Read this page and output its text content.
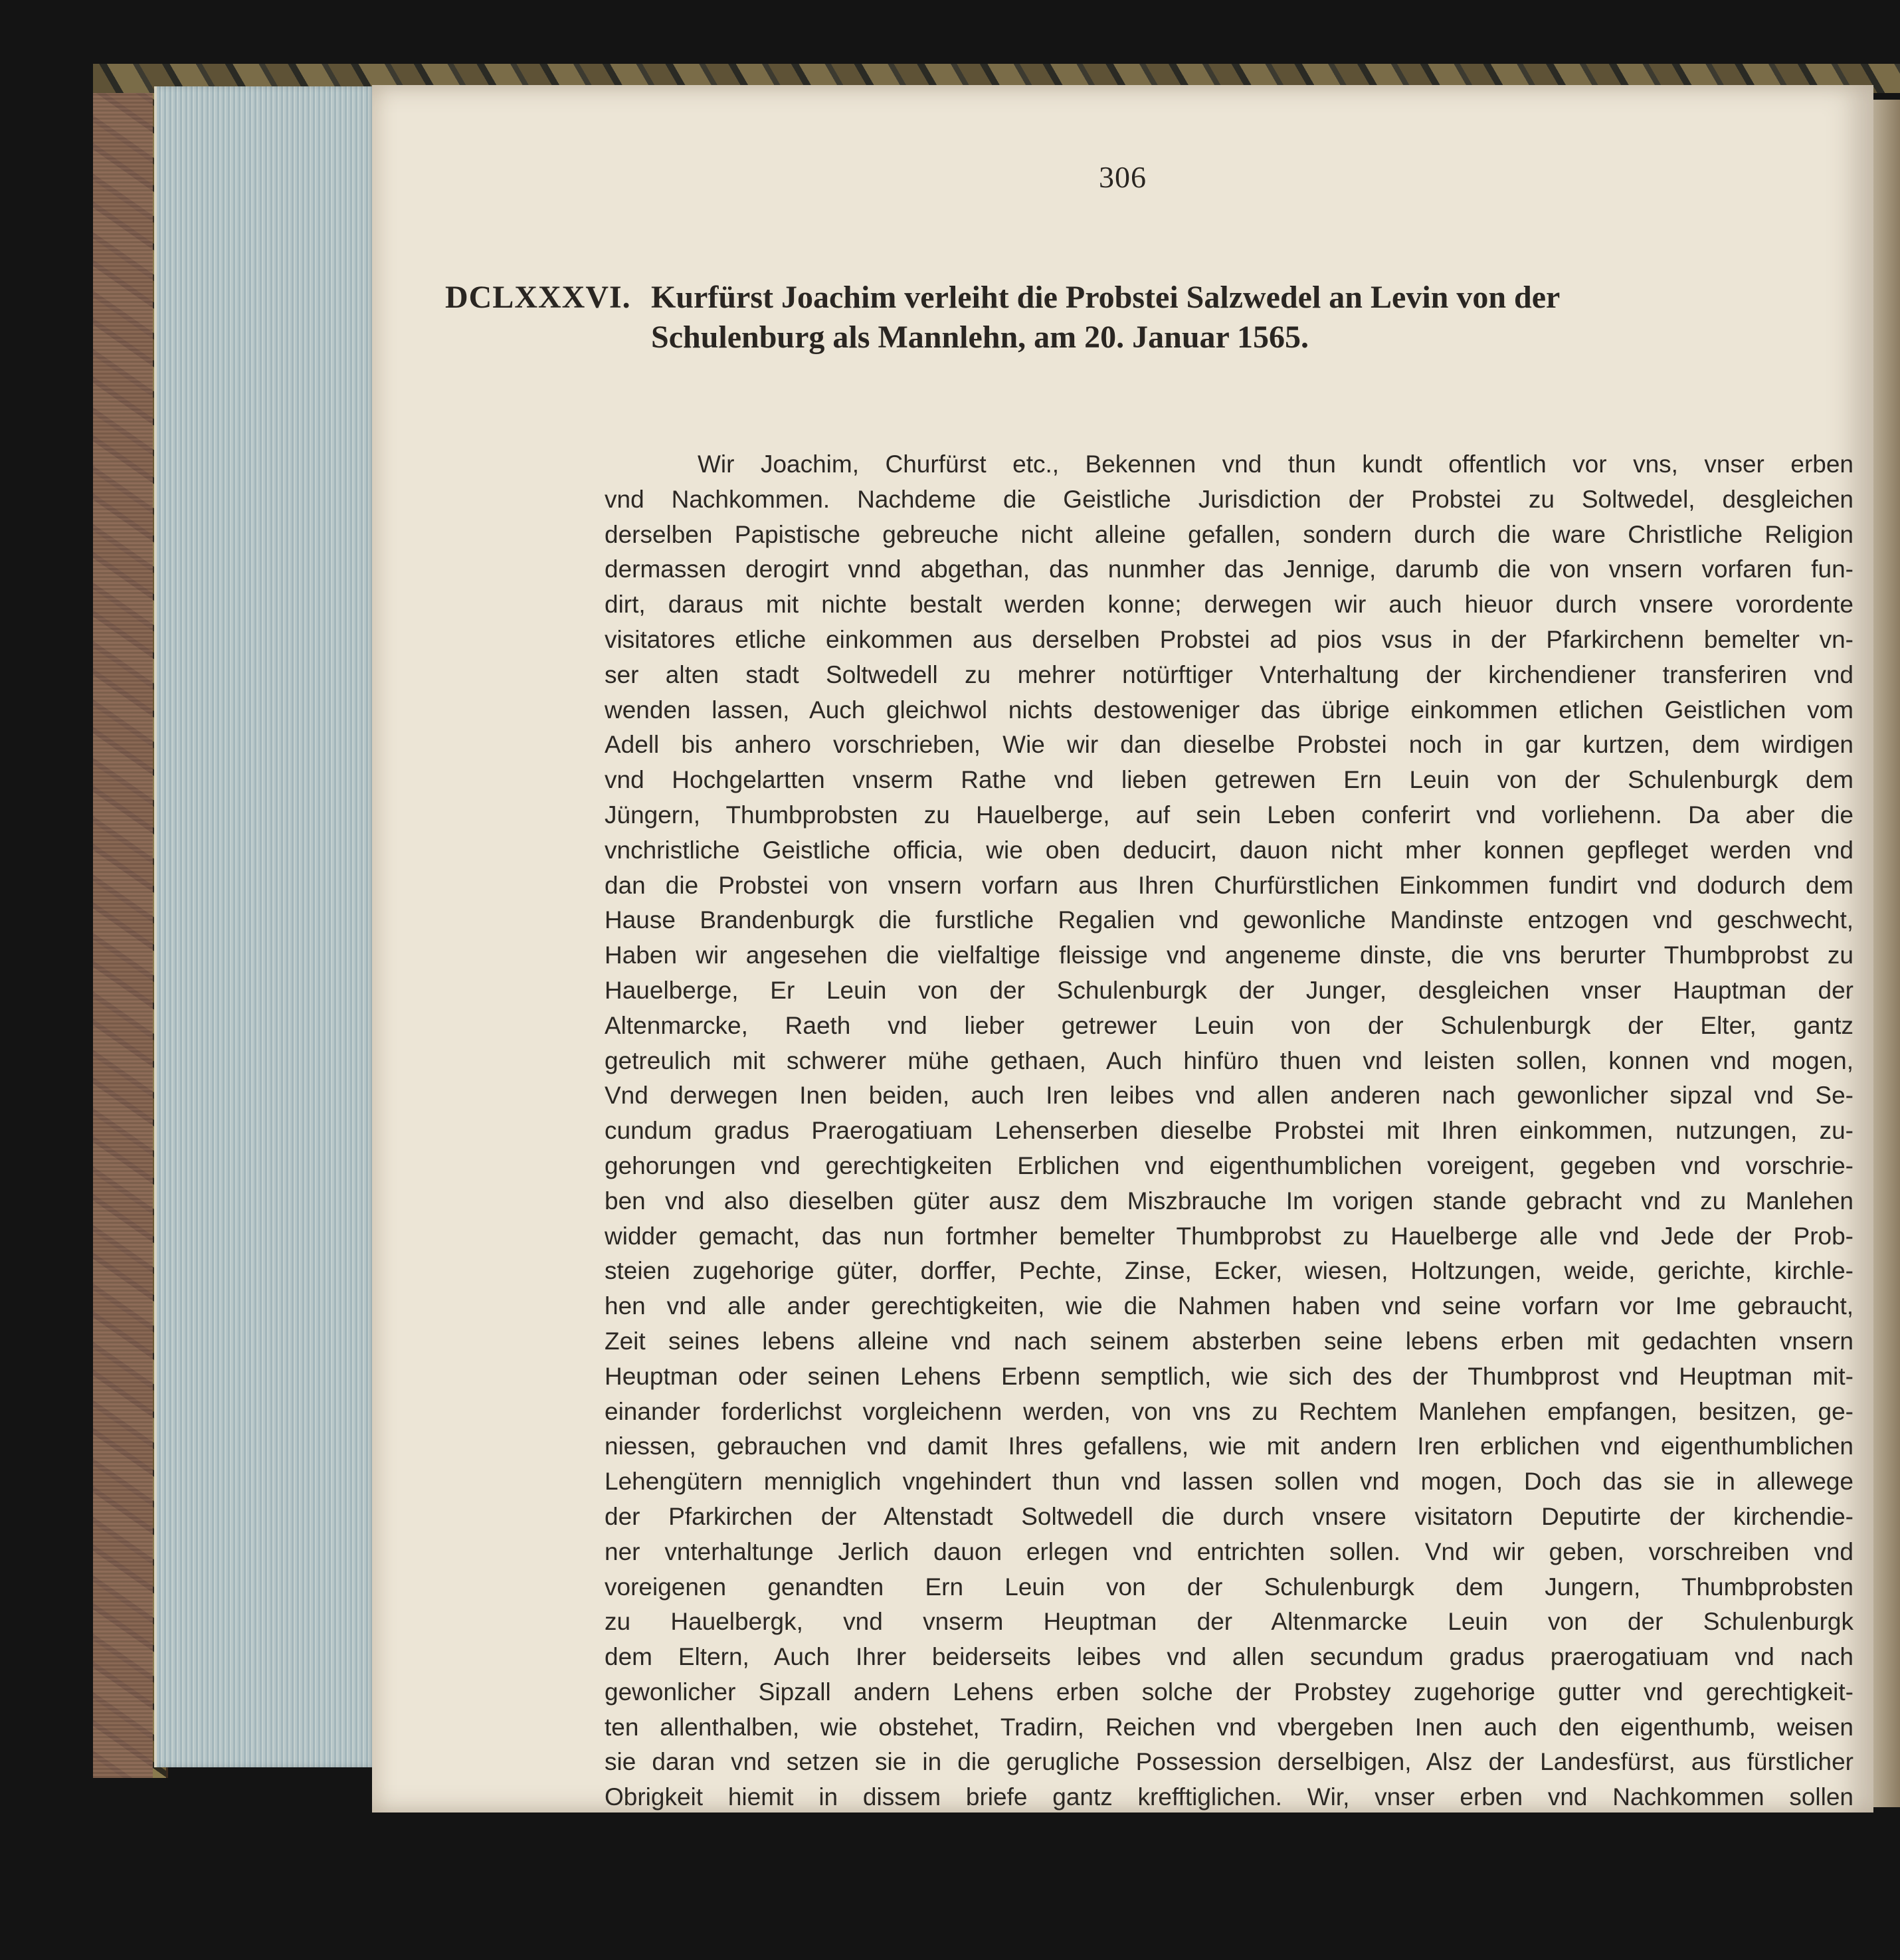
306
DCLXXXVI. Kurfürst Joachim verleiht die Probstei Salzwedel an Levin von der
Schulenburg als Mannlehn, am 20. Januar 1565.
Wir Joachim, Churfürst etc., Bekennen vnd thun kundt offentlich vor vns, vnser erben
vnd Nachkommen. Nachdeme die Geistliche Jurisdiction der Probstei zu Soltwedel, desgleichen
derselben Papistische gebreuche nicht alleine gefallen, sondern durch die ware Christliche Religion
dermassen derogirt vnnd abgethan, das nunmher das Jennige, darumb die von vnsern vorfaren fun-
dirt, daraus mit nichte bestalt werden konne; derwegen wir auch hieuor durch vnsere vorordente
visitatores etliche einkommen aus derselben Probstei ad pios vsus in der Pfarkirchenn bemelter vn-
ser alten stadt Soltwedell zu mehrer notürftiger Vnterhaltung der kirchendiener transferiren vnd
wenden lassen, Auch gleichwol nichts destoweniger das übrige einkommen etlichen Geistlichen vom
Adell bis anhero vorschrieben, Wie wir dan dieselbe Probstei noch in gar kurtzen, dem wirdigen
vnd Hochgelartten vnserm Rathe vnd lieben getrewen Ern Leuin von der Schulenburgk dem
Jüngern, Thumbprobsten zu Hauelberge, auf sein Leben conferirt vnd vorliehenn. Da aber die
vnchristliche Geistliche officia, wie oben deducirt, dauon nicht mher konnen gepfleget werden vnd
dan die Probstei von vnsern vorfarn aus Ihren Churfürstlichen Einkommen fundirt vnd dodurch dem
Hause Brandenburgk die furstliche Regalien vnd gewonliche Mandinste entzogen vnd geschwecht,
Haben wir angesehen die vielfaltige fleissige vnd angeneme dinste, die vns berurter Thumbprobst zu
Hauelberge, Er Leuin von der Schulenburgk der Junger, desgleichen vnser Hauptman der
Altenmarcke, Raeth vnd lieber getrewer Leuin von der Schulenburgk der Elter, gantz
getreulich mit schwerer mühe gethaen, Auch hinfüro thuen vnd leisten sollen, konnen vnd mogen,
Vnd derwegen Inen beiden, auch Iren leibes vnd allen anderen nach gewonlicher sipzal vnd Se-
cundum gradus Praerogatiuam Lehenserben dieselbe Probstei mit Ihren einkommen, nutzungen, zu-
gehorungen vnd gerechtigkeiten Erblichen vnd eigenthumblichen voreigent, gegeben vnd vorschrie-
ben vnd also dieselben güter ausz dem Miszbrauche Im vorigen stande gebracht vnd zu Manlehen
widder gemacht, das nun fortmher bemelter Thumbprobst zu Hauelberge alle vnd Jede der Prob-
steien zugehorige güter, dorffer, Pechte, Zinse, Ecker, wiesen, Holtzungen, weide, gerichte, kirchle-
hen vnd alle ander gerechtigkeiten, wie die Nahmen haben vnd seine vorfarn vor Ime gebraucht,
Zeit seines lebens alleine vnd nach seinem absterben seine lebens erben mit gedachten vnsern
Heuptman oder seinen Lehens Erbenn semptlich, wie sich des der Thumbprost vnd Heuptman mit-
einander forderlichst vorgleichenn werden, von vns zu Rechtem Manlehen empfangen, besitzen, ge-
niessen, gebrauchen vnd damit Ihres gefallens, wie mit andern Iren erblichen vnd eigenthumblichen
Lehengütern menniglich vngehindert thun vnd lassen sollen vnd mogen, Doch das sie in allewege
der Pfarkirchen der Altenstadt Soltwedell die durch vnsere visitatorn Deputirte der kirchendie-
ner vnterhaltunge Jerlich dauon erlegen vnd entrichten sollen. Vnd wir geben, vorschreiben vnd
voreigenen genandten Ern Leuin von der Schulenburgk dem Jungern, Thumbprobsten
zu Hauelbergk, vnd vnserm Heuptman der Altenmarcke Leuin von der Schulenburgk
dem Eltern, Auch Ihrer beiderseits leibes vnd allen secundum gradus praerogatiuam vnd nach
gewonlicher Sipzall andern Lehens erben solche der Probstey zugehorige gutter vnd gerechtigkeit-
ten allenthalben, wie obstehet, Tradirn, Reichen vnd vbergeben Inen auch den eigenthumb, weisen
sie daran vnd setzen sie in die gerugliche Possession derselbigen, Alsz der Landesfürst, aus fürstlicher
Obrigkeit hiemit in dissem briefe gantz krefftiglichen. Wir, vnser erben vnd Nachkommen sollen
